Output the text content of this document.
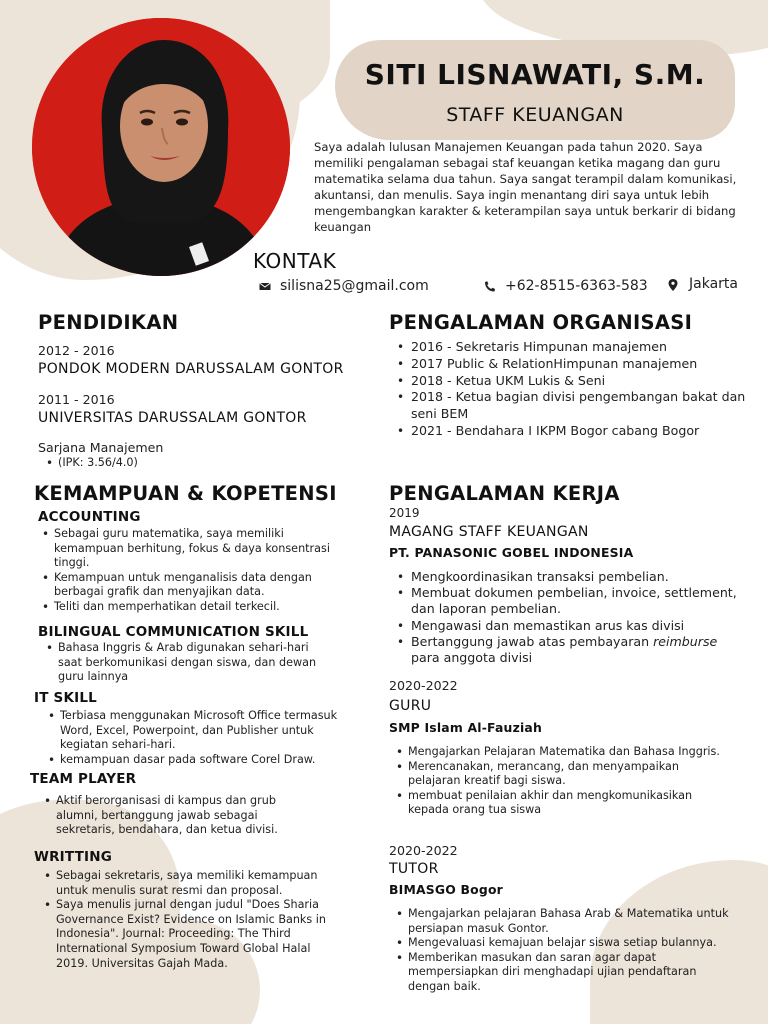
SITI LISNAWATI, S.M.
STAFF KEUANGAN
Saya adalah lulusan Manajemen Keuangan pada tahun 2020. Saya memiliki pengalaman sebagai staf keuangan ketika magang dan guru matematika selama dua tahun. Saya sangat terampil dalam komunikasi, akuntansi, dan menulis. Saya ingin menantang diri saya untuk lebih mengembangkan karakter & keterampilan saya untuk berkarir di bidang keuangan
KONTAK
silisna25@gmail.com	+62-8515-6363-583	Jakarta
PENDIDIKAN
2012 - 2016
PONDOK MODERN DARUSSALAM GONTOR
2011 - 2016
UNIVERSITAS DARUSSALAM GONTOR
Sarjana Manajemen
• (IPK: 3.56/4.0)
PENGALAMAN ORGANISASI
• 2016 - Sekretaris Himpunan manajemen
• 2017 Public & RelationHimpunan manajemen
• 2018 - Ketua UKM Lukis & Seni
• 2018 - Ketua bagian divisi pengembangan bakat dan seni BEM
• 2021 - Bendahara I IKPM Bogor cabang Bogor
KEMAMPUAN & KOPETENSI
ACCOUNTING
• Sebagai guru matematika, saya memiliki kemampuan berhitung, fokus & daya konsentrasi tinggi.
• Kemampuan untuk menganalisis data dengan berbagai grafik dan menyajikan data.
• Teliti dan memperhatikan detail terkecil.
BILINGUAL COMMUNICATION SKILL
• Bahasa Inggris & Arab digunakan sehari-hari saat berkomunikasi dengan siswa, dan dewan guru lainnya
IT SKILL
• Terbiasa menggunakan Microsoft Office termasuk Word, Excel, Powerpoint, dan Publisher untuk kegiatan sehari-hari.
• kemampuan dasar pada software Corel Draw.
TEAM PLAYER
• Aktif berorganisasi di kampus dan grub alumni, bertanggung jawab sebagai sekretaris, bendahara, dan ketua divisi.
WRITTING
• Sebagai sekretaris, saya memiliki kemampuan untuk menulis surat resmi dan proposal.
• Saya menulis jurnal dengan judul "Does Sharia Governance Exist? Evidence on Islamic Banks in Indonesia". Journal: Proceeding: The Third International Symposium Toward Global Halal 2019. Universitas Gajah Mada.
PENGALAMAN KERJA
2019
MAGANG STAFF KEUANGAN
PT. PANASONIC GOBEL INDONESIA
• Mengkoordinasikan transaksi pembelian.
• Membuat dokumen pembelian, invoice, settlement, dan laporan pembelian.
• Mengawasi dan memastikan arus kas divisi
• Bertanggung jawab atas pembayaran reimburse para anggota divisi
2020-2022
GURU
SMP Islam Al-Fauziah
• Mengajarkan Pelajaran Matematika dan Bahasa Inggris.
• Merencanakan, merancang, dan menyampaikan pelajaran kreatif bagi siswa.
• membuat penilaian akhir dan mengkomunikasikan kepada orang tua siswa
2020-2022
TUTOR
BIMASGO Bogor
• Mengajarkan pelajaran Bahasa Arab & Matematika untuk persiapan masuk Gontor.
• Mengevaluasi kemajuan belajar siswa setiap bulannya.
• Memberikan masukan dan saran agar dapat mempersiapkan diri menghadapi ujian pendaftaran dengan baik.
